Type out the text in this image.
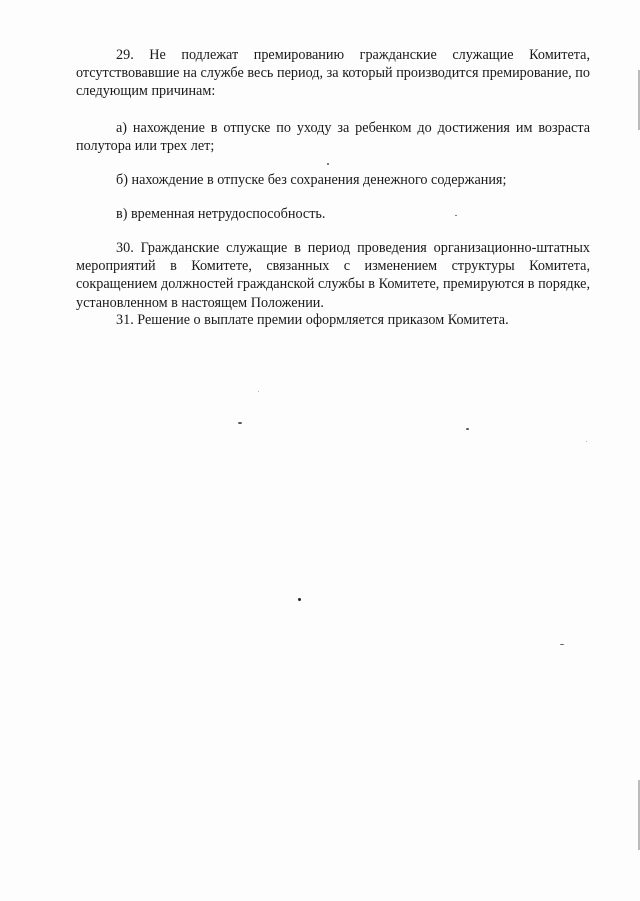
29. Не подлежат премированию гражданские служащие Комитета, отсутствовавшие на службе весь период, за который производится премирование, по следующим причинам:

а) нахождение в отпуске по уходу за ребенком до достижения им возраста полутора или трех лет;

б) нахождение в отпуске без сохранения денежного содержания;

в) временная нетрудоспособность.

30. Гражданские служащие в период проведения организационно-штатных мероприятий в Комитете, связанных с изменением структуры Комитета, сокращением должностей гражданской службы в Комитете, премируются в порядке, установленном в настоящем Положении.

31. Решение о выплате премии оформляется приказом Комитета.
